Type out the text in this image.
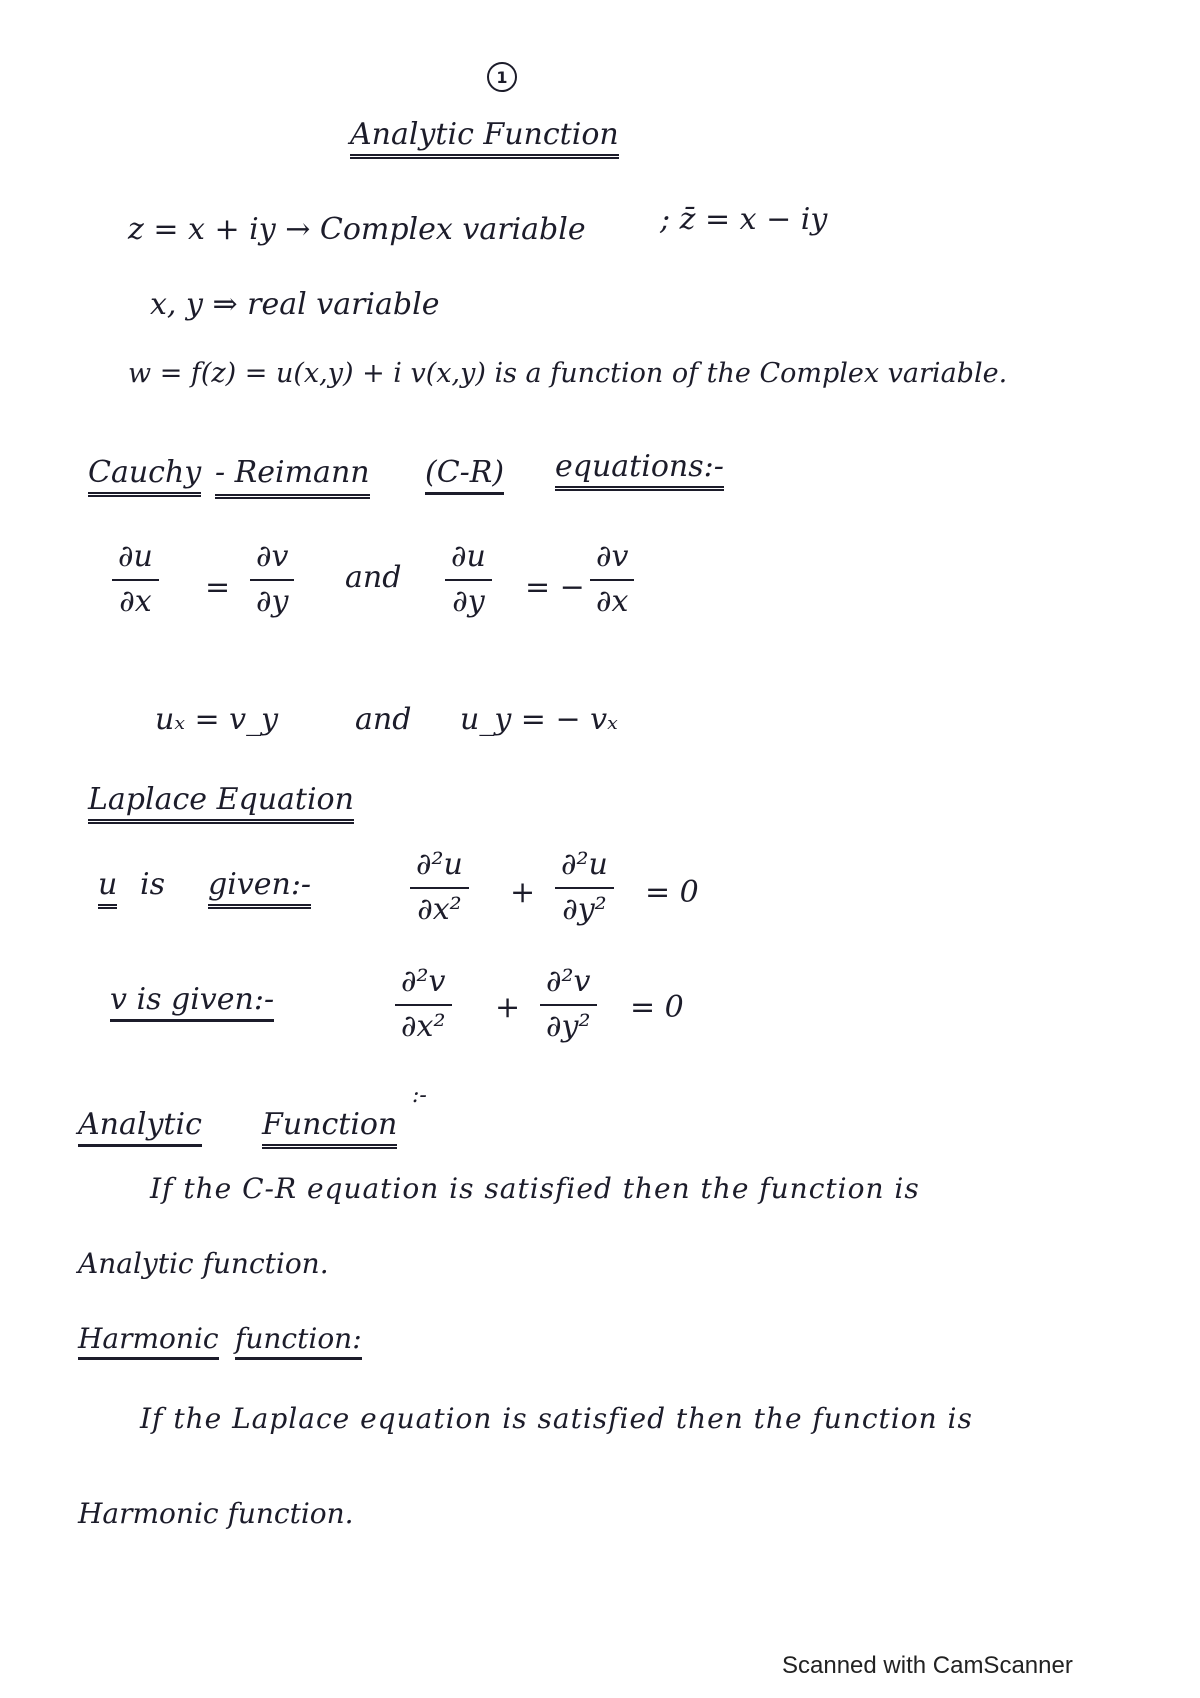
1
Analytic Function
z = x + iy → Complex variable ; z̄ = x − iy
x, y ⇒ real variable
w = f(z) = u(x,y) + i v(x,y) is a function of the Complex variable.
Cauchy - Reimann (C-R) equations:-
$\frac{\partial u}{\partial x} = \frac{\partial v}{\partial y}$ and $\frac{\partial u}{\partial y}$ = − $\frac{\partial v}{\partial x}$
uₓ = v_y	and u_y = − vₓ
Laplace Equation
u is given:-	$\frac{\text{∂²u}}{\text{∂x²}} + \frac{\text{∂²u}}{\text{∂y²}} = 0$
v is given:-	$\frac{\text{∂²v}}{\text{∂x²}} + \frac{\text{∂²v}}{\text{∂y²}} = 0$
Analytic Function
:-
If the C-R equation is satisfied then the function is
Analytic function.
Harmonic function:
If the Laplace equation is satisfied then the function is
Harmonic function.
Scanned with CamScanner
